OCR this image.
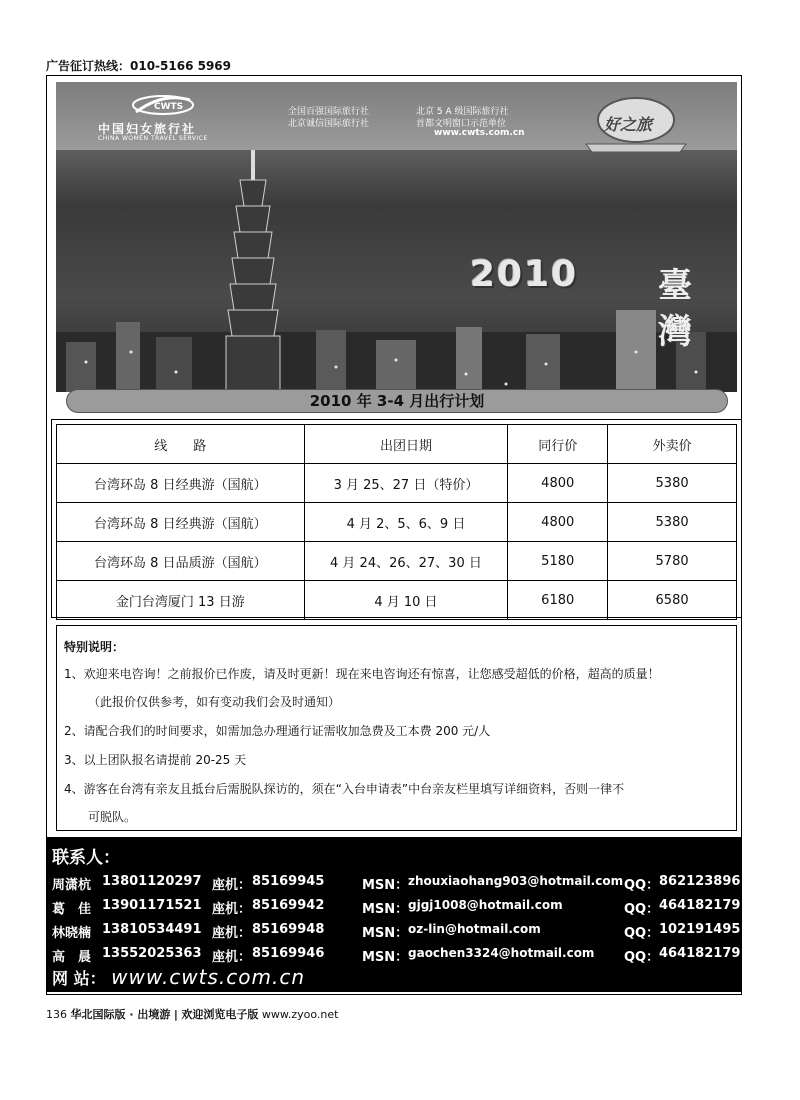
广告征订热线：010-5166 5969
CWTS
中国妇女旅行社
CHINA WOMEN TRAVEL SERVICE
全国百强国际旅行社	北京 5 A 级国际旅行社
北京诚信国际旅行社	首都文明窗口示范单位
www.cwts.com.cn	好之旅
2010 臺
灣
2010 年 3-4 月出行计划
线　　路	出团日期	同行价	外卖价
台湾环岛 8 日经典游（国航）	3 月 25、27 日（特价）	4800	5380
台湾环岛 8 日经典游（国航）	4 月 2、5、6、9 日	4800	5380
台湾环岛 8 日品质游（国航）	4 月 24、26、27、30 日	5180	5780
金门台湾厦门 13 日游	4 月 10 日	6180	6580
特别说明：
1、欢迎来电咨询！之前报价已作废，请及时更新！现在来电咨询还有惊喜，让您感受超低的价格，超高的质量！
（此报价仅供参考，如有变动我们会及时通知）
2、请配合我们的时间要求，如需加急办理通行证需收加急费及工本费 200 元/人
3、以上团队报名请提前 20-25 天
4、游客在台湾有亲友且抵台后需脱队探访的，须在“入台申请表”中台亲友栏里填写详细资料，否则一律不
可脱队。
联系人：
周潇杭 13801120297 座机： 85169945	MSN： zhouxiaohang903@hotmail.com QQ： 862123896
葛　佳 13901171521 座机： 85169942	MSN： gjgj1008@hotmail.com	QQ： 464182179
林晓楠 13810534491 座机： 85169948	MSN： oz-lin@hotmail.com	QQ： 102191495
高　晨 13552025363 座机： 85169946	MSN： gaochen3324@hotmail.com QQ： 464182179
网 站： www.cwts.com.cn
136 华北国际版 · 出境游 | 欢迎浏览电子版 www.zyoo.net
